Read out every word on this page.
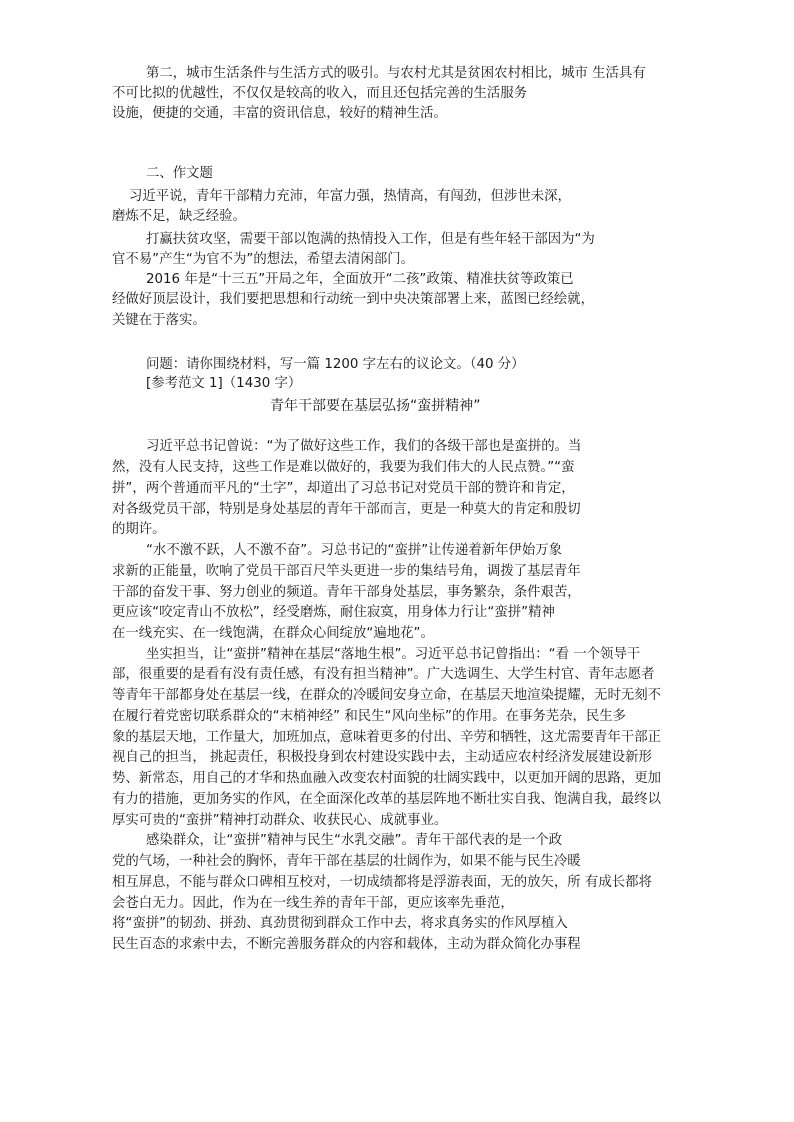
第二，城市生活条件与生活方式的吸引。与农村尤其是贫困农村相比，城市 生活具有
不可比拟的优越性，不仅仅是较高的收入，而且还包括完善的生活服务
设施，便捷的交通，丰富的资讯信息，较好的精神生活。
二、作文题
习近平说，青年干部精力充沛，年富力强，热情高，有闯劲，但涉世未深，
磨炼不足，缺乏经验。
打赢扶贫攻坚，需要干部以饱满的热情投入工作，但是有些年轻干部因为“为
官不易”产生“为官不为”的想法，希望去清闲部门。
2016 年是“十三五”开局之年，全面放开“二孩”政策、精准扶贫等政策已
经做好顶层设计，我们要把思想和行动统一到中央决策部署上来，蓝图已经绘就，
关键在于落实。
问题：请你围绕材料，写一篇 1200 字左右的议论文。（40 分）
[参考范文 1]（1430 字）
青年干部要在基层弘扬“蛮拼精神”
习近平总书记曾说：“为了做好这些工作，我们的各级干部也是蛮拼的。当
然，没有人民支持，这些工作是难以做好的，我要为我们伟大的人民点赞。”“蛮
拼”，两个普通而平凡的“土字”，却道出了习总书记对党员干部的赞许和肯定，
对各级党员干部，特别是身处基层的青年干部而言，更是一种莫大的肯定和殷切
的期许。
“水不激不跃，人不激不奋”。习总书记的“蛮拼”让传递着新年伊始万象
求新的正能量，吹响了党员干部百尺竿头更进一步的集结号角，调拨了基层青年
干部的奋发干事、努力创业的频道。青年干部身处基层，事务繁杂，条件艰苦，
更应该“咬定青山不放松”，经受磨炼，耐住寂寞，用身体力行让“蛮拼”精神
在一线充实、在一线饱满，在群众心间绽放“遍地花”。
坐实担当，让“蛮拼”精神在基层“落地生根”。习近平总书记曾指出：“看 一个领导干
部，很重要的是看有没有责任感，有没有担当精神”。广大选调生、大学生村官、青年志愿者
等青年干部都身处在基层一线，在群众的冷暖间安身立命，在基层天地渲染提耀，无时无刻不
在履行着党密切联系群众的“末梢神经” 和民生“风向坐标”的作用。在事务芜杂，民生多
象的基层天地，工作量大，加班加点，意味着更多的付出、辛劳和牺牲，这尤需要青年干部正
视自己的担当， 挑起责任，积极投身到农村建设实践中去，主动适应农村经济发展建设新形
势、新常态，用自己的才华和热血融入改变农村面貌的壮阔实践中，以更加开阔的思路，更加
有力的措施，更加务实的作风，在全面深化改革的基层阵地不断壮实自我、饱满自我，最终以
厚实可贵的“蛮拼”精神打动群众、收获民心、成就事业。
感染群众，让“蛮拼”精神与民生“水乳交融”。青年干部代表的是一个政
党的气场，一种社会的胸怀，青年干部在基层的壮阔作为，如果不能与民生冷暖
相互屏息，不能与群众口碑相互校对，一切成绩都将是浮游表面，无的放矢，所 有成长都将
会苍白无力。因此，作为在一线生养的青年干部，更应该率先垂范，
将“蛮拼”的韧劲、拼劲、真劲贯彻到群众工作中去，将求真务实的作风厚植入
民生百态的求索中去，不断完善服务群众的内容和载体，主动为群众简化办事程
